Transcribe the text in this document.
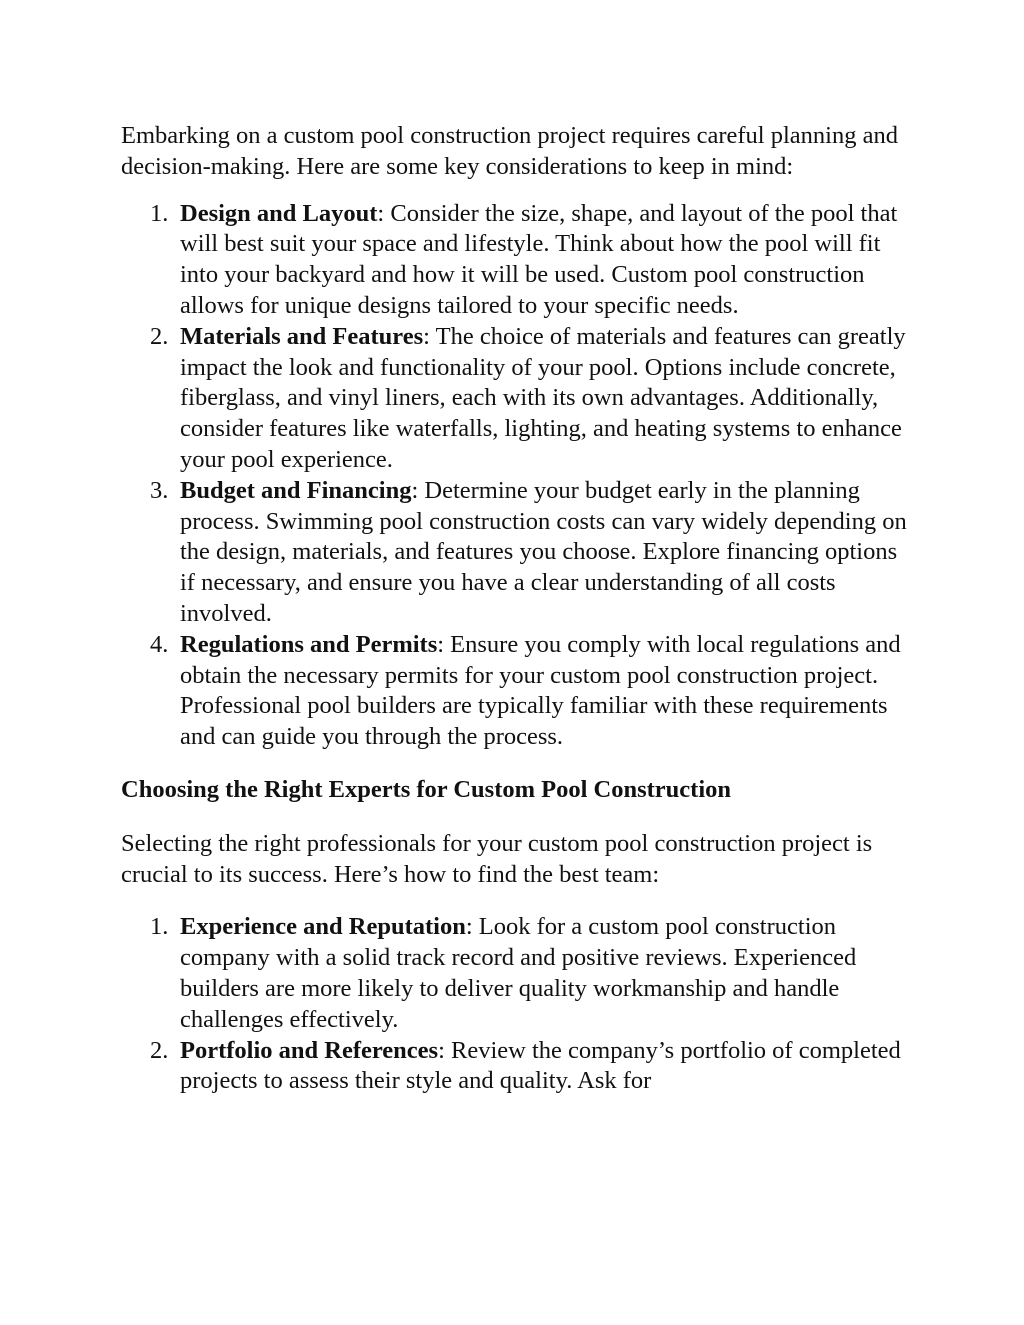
Embarking on a custom pool construction project requires careful planning and decision-making. Here are some key considerations to keep in mind:

1. Design and Layout: Consider the size, shape, and layout of the pool that will best suit your space and lifestyle. Think about how the pool will fit into your backyard and how it will be used. Custom pool construction allows for unique designs tailored to your specific needs.
2. Materials and Features: The choice of materials and features can greatly impact the look and functionality of your pool. Options include concrete, fiberglass, and vinyl liners, each with its own advantages. Additionally, consider features like waterfalls, lighting, and heating systems to enhance your pool experience.
3. Budget and Financing: Determine your budget early in the planning process. Swimming pool construction costs can vary widely depending on the design, materials, and features you choose. Explore financing options if necessary, and ensure you have a clear understanding of all costs involved.
4. Regulations and Permits: Ensure you comply with local regulations and obtain the necessary permits for your custom pool construction project. Professional pool builders are typically familiar with these requirements and can guide you through the process.
Choosing the Right Experts for Custom Pool Construction

Selecting the right professionals for your custom pool construction project is crucial to its success. Here’s how to find the best team:

1. Experience and Reputation: Look for a custom pool construction company with a solid track record and positive reviews. Experienced builders are more likely to deliver quality workmanship and handle challenges effectively.
2. Portfolio and References: Review the company’s portfolio of completed projects to assess their style and quality. Ask for
